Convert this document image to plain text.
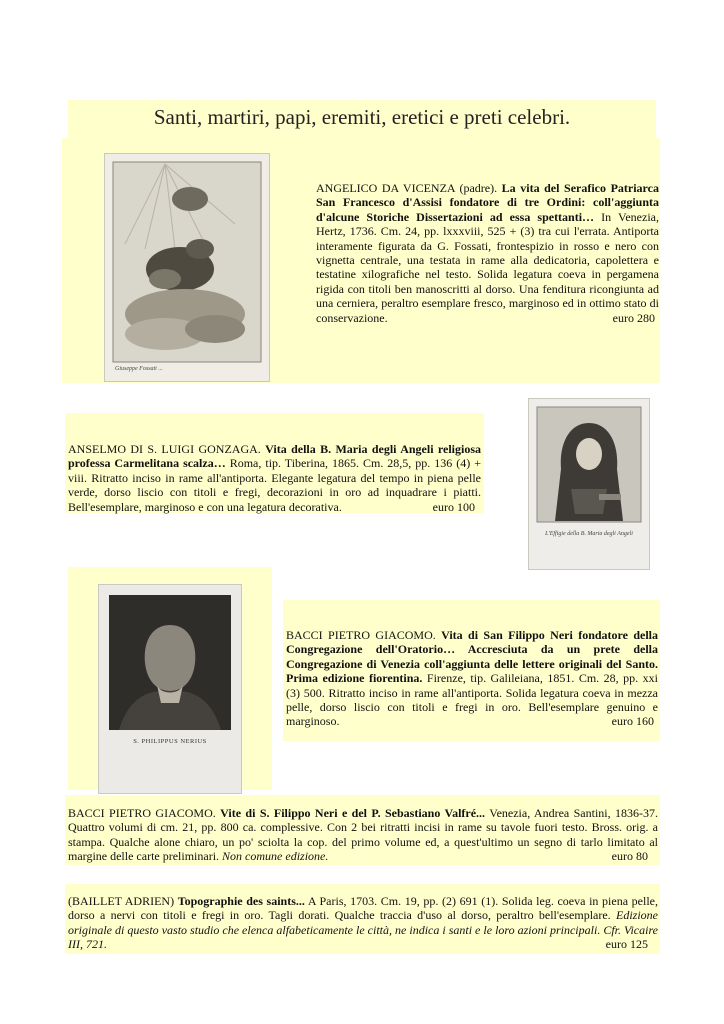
Santi, martiri, papi, eremiti, eretici e preti celebri.
Giuseppe Fossati ...
ANGELICO DA VICENZA (padre). La vita del Serafico Patriarca San Francesco d'Assisi fondatore di tre Ordini: coll'aggiunta d'alcune Storiche Dissertazioni ad essa spettanti… In Venezia, Hertz, 1736. Cm. 24, pp. lxxxviii, 525 + (3) tra cui l'errata. Antiporta interamente figurata da G. Fossati, frontespizio in rosso e nero con vignetta centrale, una testata in rame alla dedicatoria, capolettera e testatine xilografiche nel testo. Solida legatura coeva in pergamena rigida con titoli ben manoscritti al dorso. Una fenditura ricongiunta ad una cerniera, peraltro esemplare fresco, marginoso ed in ottimo stato di conservazione.	euro 280
ANSELMO DI S. LUIGI GONZAGA. Vita della B. Maria degli Angeli religiosa professa Carmelitana scalza… Roma, tip. Tiberina, 1865. Cm. 28,5, pp. 136 (4) + viii. Ritratto inciso in rame all'antiporta. Elegante legatura del tempo in piena pelle verde, dorso liscio con titoli e fregi, decorazioni in oro ad inquadrare i piatti. Bell'esemplare, marginoso e con una legatura decorativa.	euro 100
L'Effigie della B. Maria degli Angeli
S. PHILIPPUS NERIUS
BACCI PIETRO GIACOMO. Vita di San Filippo Neri fondatore della Congregazione dell'Oratorio… Accresciuta da un prete della Congregazione di Venezia coll'aggiunta delle lettere originali del Santo. Prima edizione fiorentina. Firenze, tip. Galileiana, 1851. Cm. 28, pp. xxi (3) 500. Ritratto inciso in rame all'antiporta. Solida legatura coeva in mezza pelle, dorso liscio con titoli e fregi in oro. Bell'esemplare genuino e marginoso.	euro 160
BACCI PIETRO GIACOMO. Vite di S. Filippo Neri e del P. Sebastiano Valfré... Venezia, Andrea Santini, 1836-37. Quattro volumi di cm. 21, pp. 800 ca. complessive. Con 2 bei ritratti incisi in rame su tavole fuori testo. Bross. orig. a stampa. Qualche alone chiaro, un po' sciolta la cop. del primo volume ed, a quest'ultimo un segno di tarlo limitato al margine delle carte preliminari. Non comune edizione.	euro 80
(BAILLET ADRIEN) Topographie des saints... A Paris, 1703. Cm. 19, pp. (2) 691 (1). Solida leg. coeva in piena pelle, dorso a nervi con titoli e fregi in oro. Tagli dorati. Qualche traccia d'uso al dorso, peraltro bell'esemplare. Edizione originale di questo vasto studio che elenca alfabeticamente le città, ne indica i santi e le loro azioni principali. Cfr. Vicaire III, 721.	euro 125
